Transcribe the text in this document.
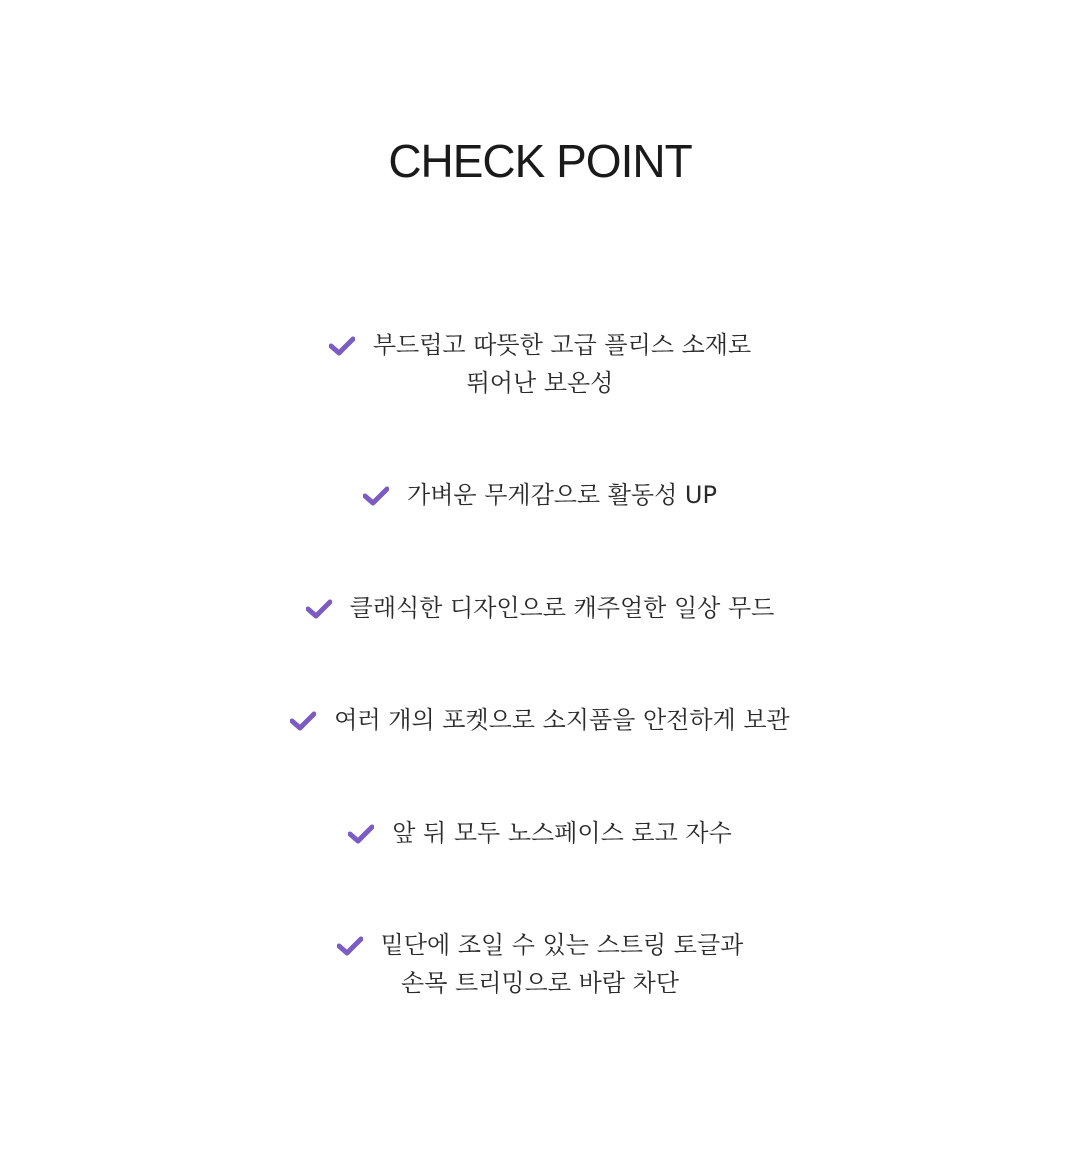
CHECK POINT
부드럽고 따뜻한 고급 플리스 소재로
뛰어난 보온성
가벼운 무게감으로 활동성 UP
클래식한 디자인으로 캐주얼한 일상 무드
여러 개의 포켓으로 소지품을 안전하게 보관
앞 뒤 모두 노스페이스 로고 자수
밑단에 조일 수 있는 스트링 토글과
손목 트리밍으로 바람 차단
